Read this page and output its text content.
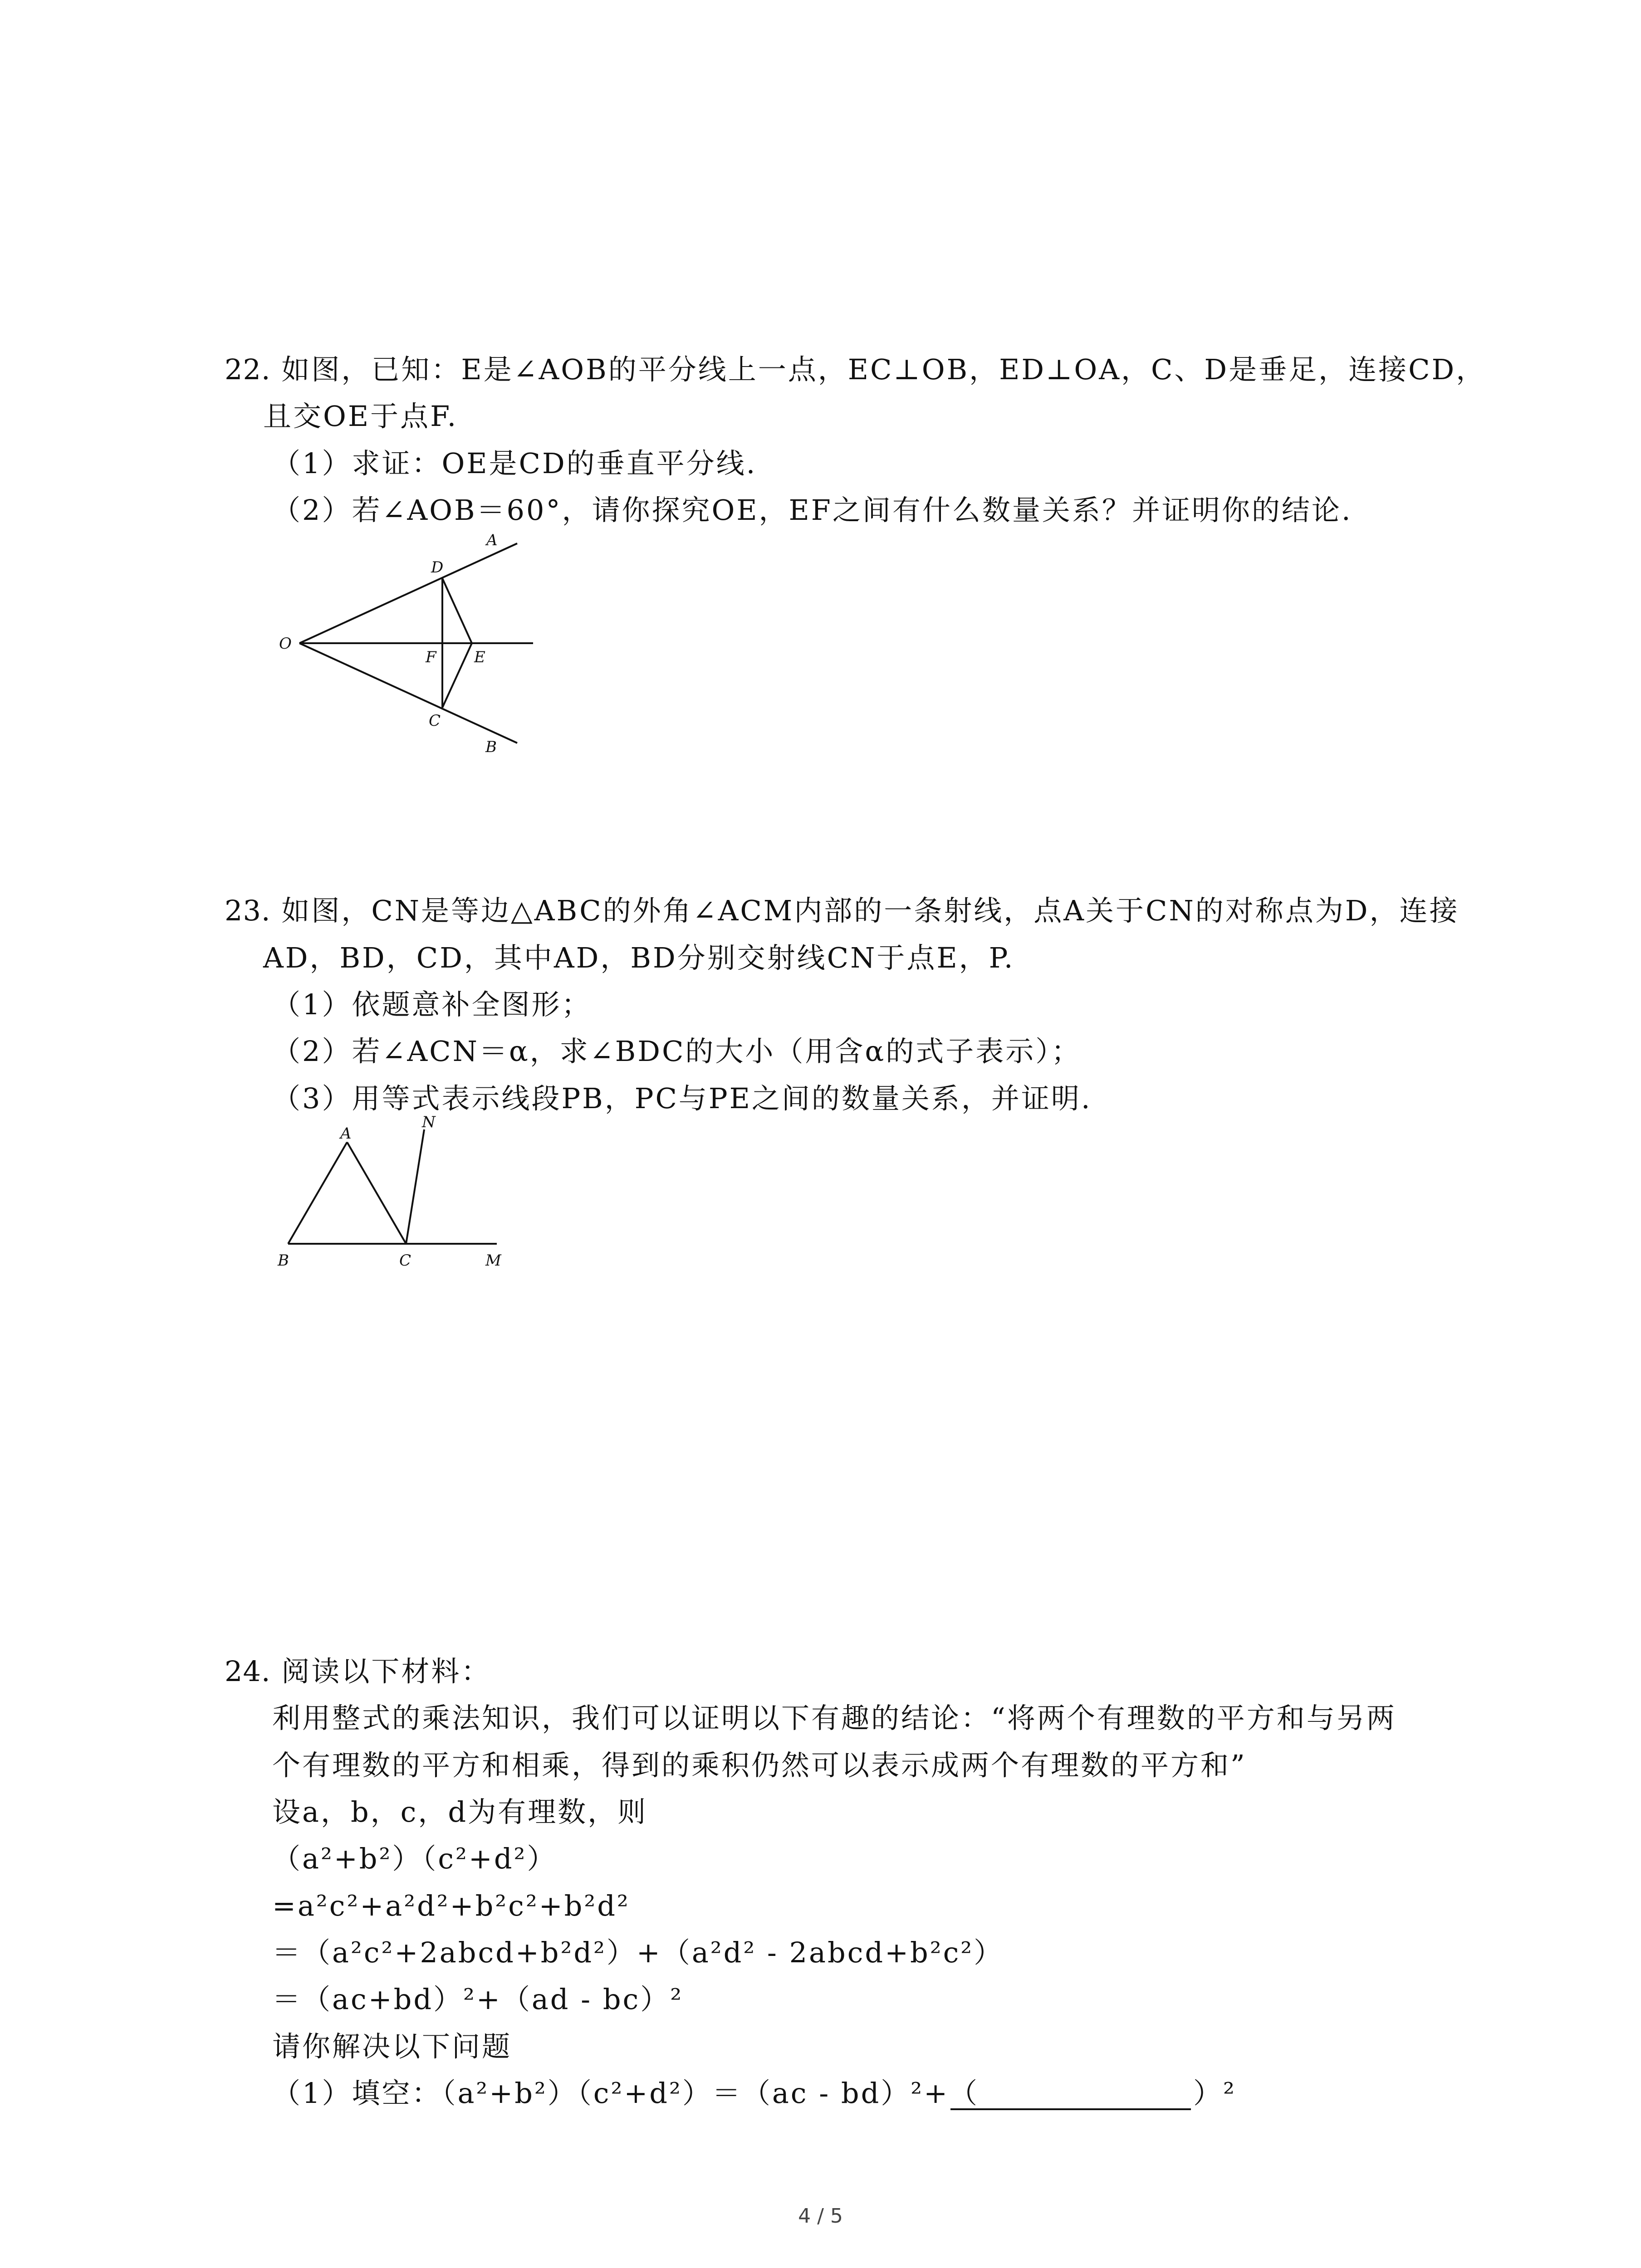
22. 如图，已知：E是∠AOB的平分线上一点，EC⊥OB，ED⊥OA，C、D是垂足，连接CD，
且交OE于点F.
（1）求证：OE是CD的垂直平分线.
（2）若∠AOB＝60°，请你探究OE，EF之间有什么数量关系？并证明你的结论.
A
D
O
F E
C
B
23. 如图，CN是等边△ABC的外角∠ACM内部的一条射线，点A关于CN的对称点为D，连接
AD，BD，CD，其中AD，BD分别交射线CN于点E，P.
（1）依题意补全图形；
（2）若∠ACN＝α，求∠BDC的大小（用含α的式子表示）；
（3）用等式表示线段PB，PC与PE之间的数量关系，并证明.
A
N
B	C	M
24. 阅读以下材料：
利用整式的乘法知识，我们可以证明以下有趣的结论：“将两个有理数的平方和与另两
个有理数的平方和相乘，得到的乘积仍然可以表示成两个有理数的平方和”
设a，b，c，d为有理数，则
（a²+b²）（c²+d²）
=a²c²+a²d²+b²c²+b²d²
＝（a²c²+2abcd+b²d²）+（a²d² - 2abcd+b²c²）
＝（ac+bd）²+（ad - bc）²
请你解决以下问题
（1）填空：（a²+b²）（c²+d²）＝（ac - bd）²+（	）²
4 / 5
